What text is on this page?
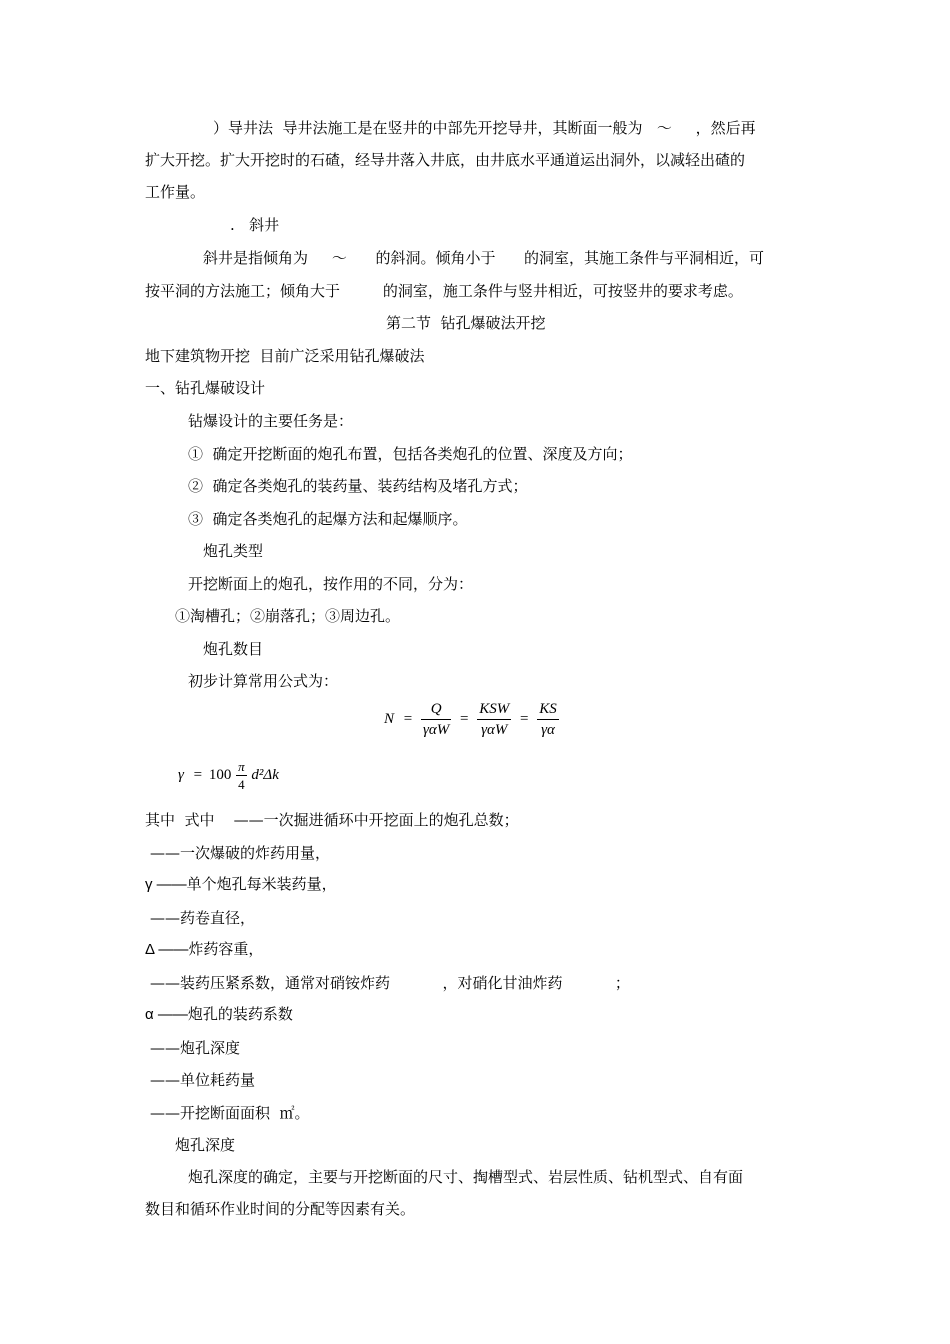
）导井法  导井法施工是在竖井的中部先开挖导井，其断面一般为   ～     ，然后再
扩大开挖。扩大开挖时的石碴，经导井落入井底，由井底水平通道运出洞外，以减轻出碴的
工作量。
.   斜井
斜井是指倾角为     ～      的斜洞。倾角小于      的洞室，其施工条件与平洞相近，可
按平洞的方法施工；倾角大于         的洞室，施工条件与竖井相近，可按竖井的要求考虑。
第二节  钻孔爆破法开挖
地下建筑物开挖  目前广泛采用钻孔爆破法
一、钻孔爆破设计
钻爆设计的主要任务是：
①  确定开挖断面的炮孔布置，包括各类炮孔的位置、深度及方向；
②  确定各类炮孔的装药量、装药结构及堵孔方式；
③  确定各类炮孔的起爆方法和起爆顺序。
炮孔类型
开挖断面上的炮孔，按作用的不同，分为：
①淘槽孔；②崩落孔；③周边孔。
炮孔数目
初步计算常用公式为：
$N = \frac{Q}{\text{γαW}} = \frac{\text{KSW}}{\text{γαW}} = \frac{KS}{\gamma\alpha}$
$\gamma = 100 \frac{\pi}{4} d^2\Delta k$
其中  式中    ——一次掘进循环中开挖面上的炮孔总数；
——一次爆破的炸药用量，
γ ——单个炮孔每米装药量，
——药卷直径，
Δ ——炸药容重，
——装药压紧系数，通常对硝铵炸药           ，对硝化甘油炸药           ；
α ——炮孔的装药系数
——炮孔深度
——单位耗药量
——开挖断面面积  ㎡。
炮孔深度
炮孔深度的确定，主要与开挖断面的尺寸、掏槽型式、岩层性质、钻机型式、自有面
数目和循环作业时间的分配等因素有关。
